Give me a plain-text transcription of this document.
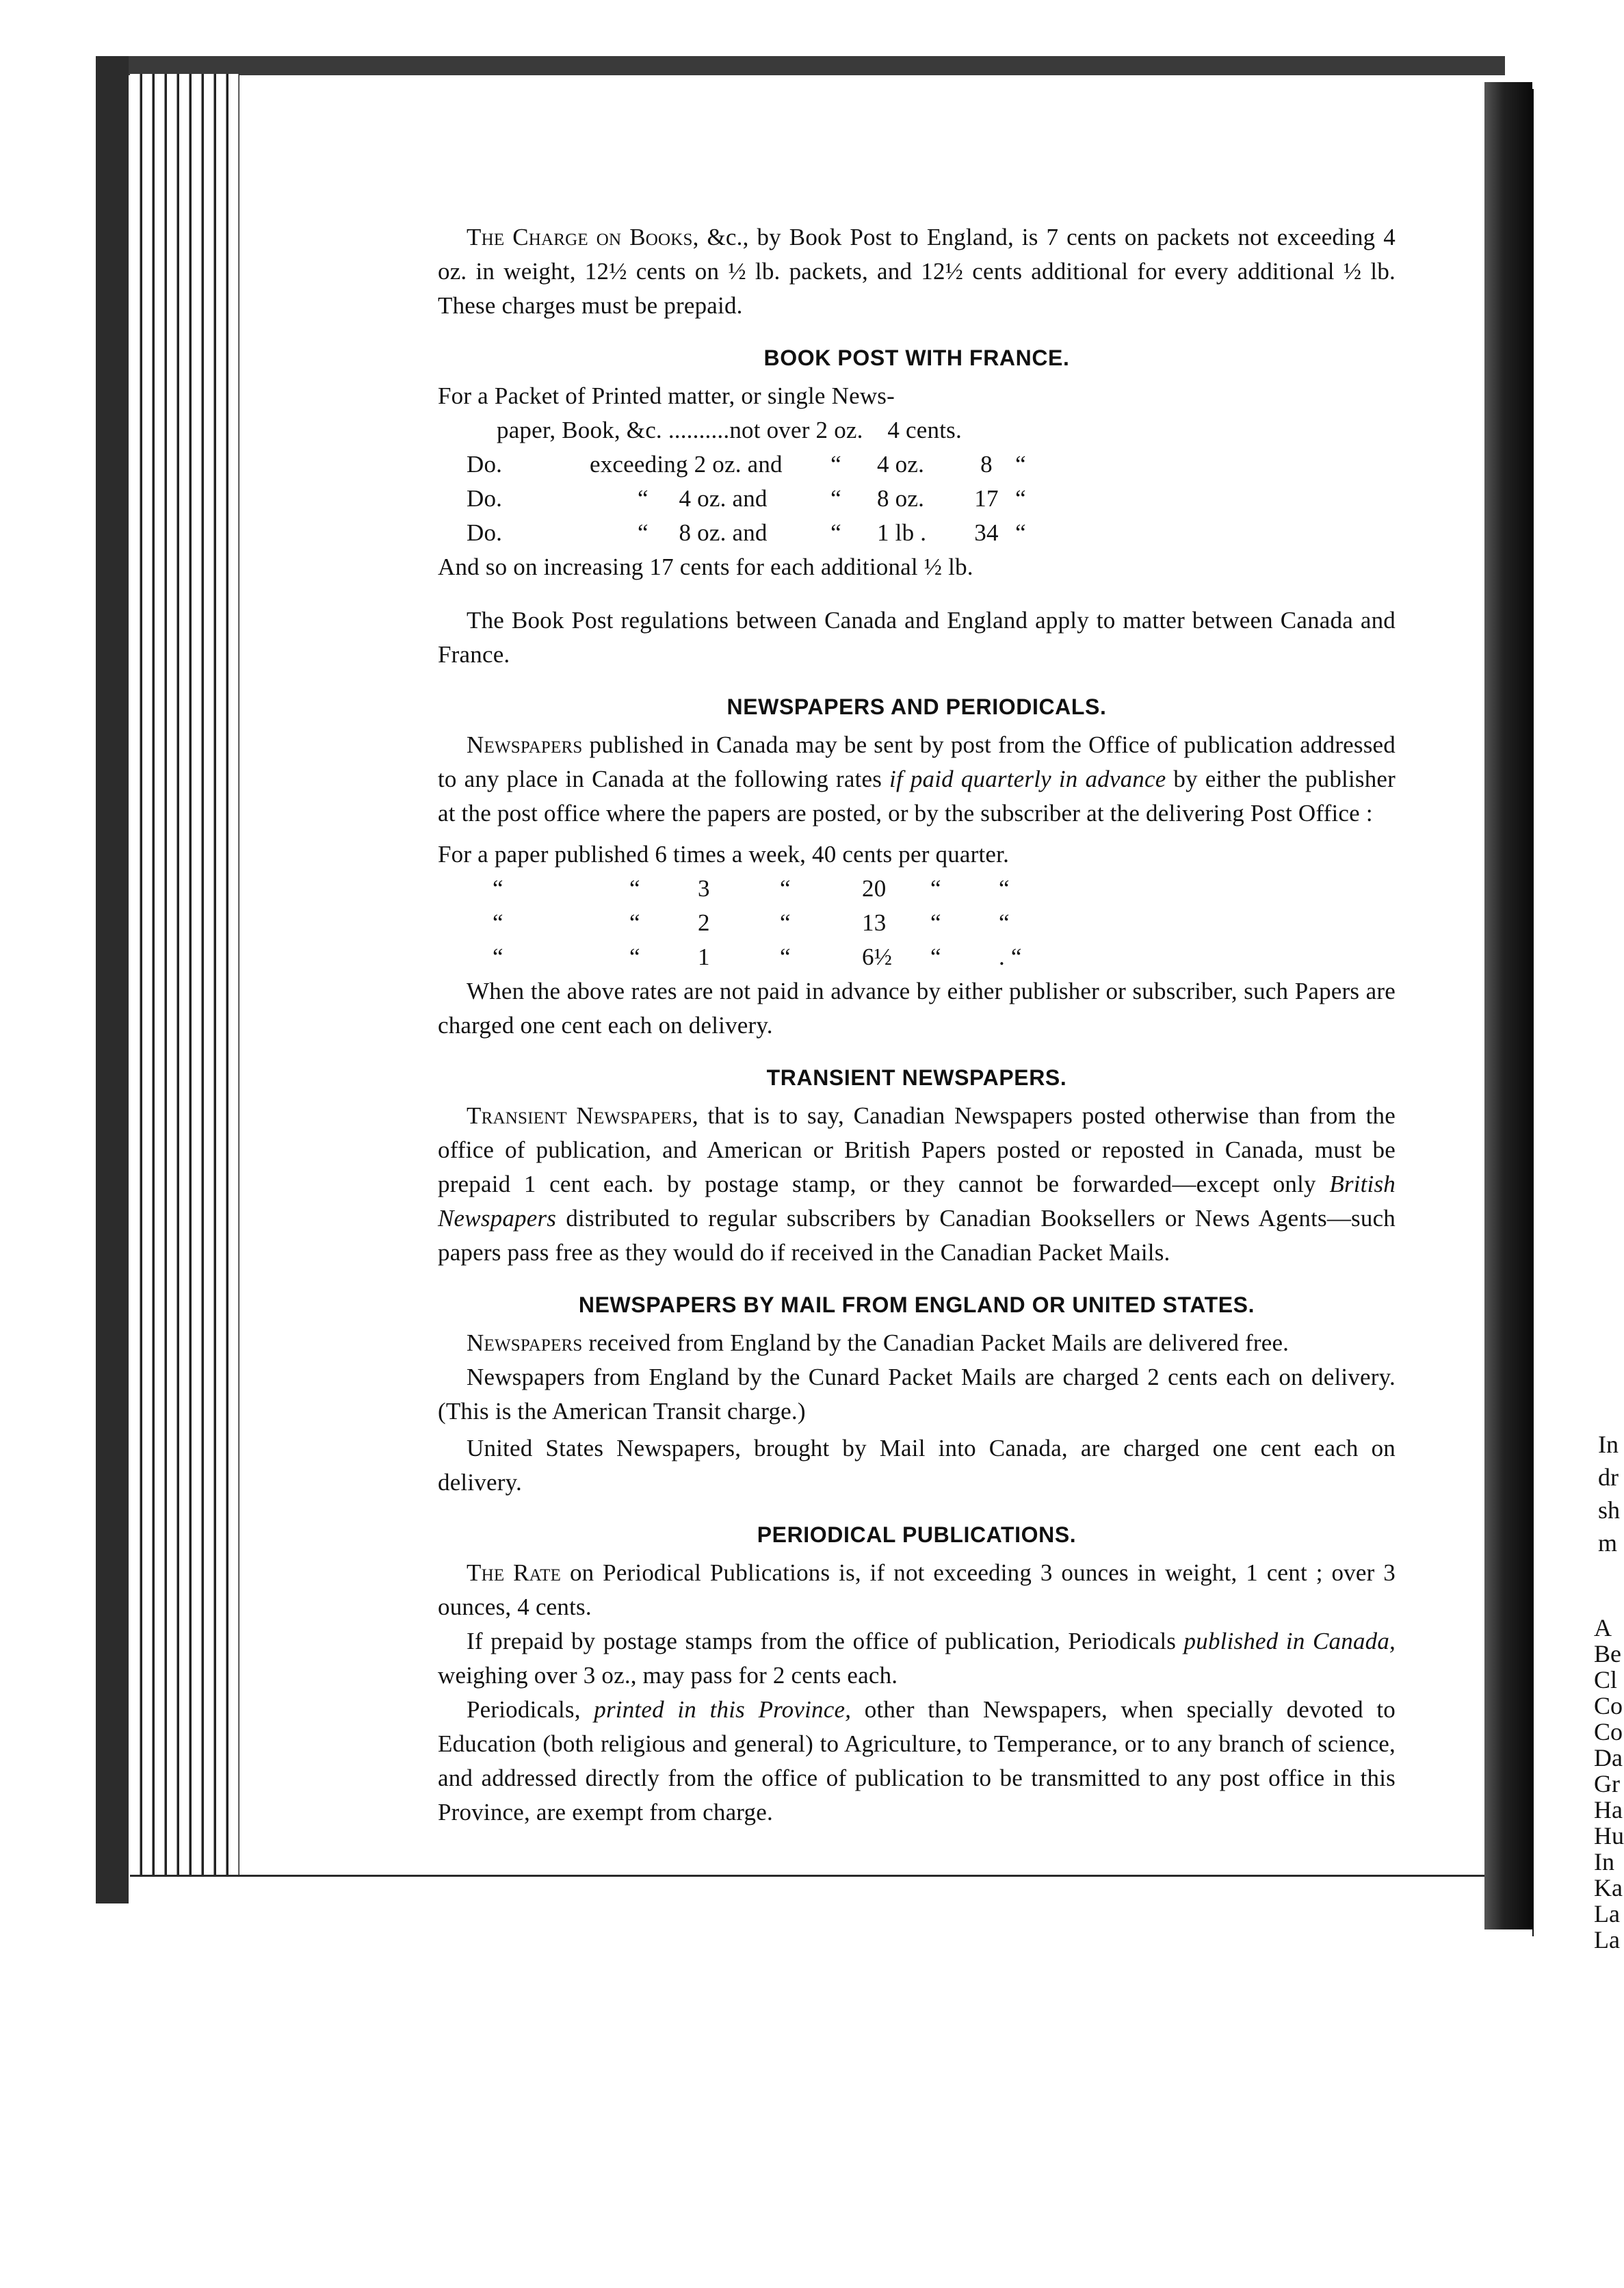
In
dr
sh
m
A
Be
Cl
Co
Co
Da
Gr
Ha
Hu
In
Ka
La
La

The Charge on Books, &c., by Book Post to England, is 7 cents on packets not exceeding 4 oz. in weight, 12½ cents on ½ lb. packets, and 12½ cents additional for every additional ½ lb. These charges must be prepaid.

BOOK POST WITH FRANCE.
For a Packet of Printed matter, or single News-
paper, Book, &c. ..........not over 2 oz.    4 cents.
Do.	exceeding 2 oz. and	“	4 oz.	8 “
Do.	“     4 oz. and	“	8 oz.	17 “
Do.	“     8 oz. and	“	1 lb .	34 “
And so on increasing 17 cents for each additional ½ lb.

The Book Post regulations between Canada and England apply to matter between Canada and France.

NEWSPAPERS AND PERIODICALS.

Newspapers published in Canada may be sent by post from the Office of publication addressed to any place in Canada at the following rates if paid quarterly in advance by either the publisher at the post office where the papers are posted, or by the subscriber at the delivering Post Office :

For a paper published 6 times a week, 40 cents per quarter.
“	“	3	“	20	“	“
“	“	2	“	13	“	“
“	“	1	“	6½	“	. “

When the above rates are not paid in advance by either publisher or subscriber, such Papers are charged one cent each on delivery.

TRANSIENT NEWSPAPERS.

Transient Newspapers, that is to say, Canadian Newspapers posted otherwise than from the office of publication, and American or British Papers posted or reposted in Canada, must be prepaid 1 cent each. by postage stamp, or they cannot be forwarded—except only British Newspapers distributed to regular subscribers by Canadian Booksellers or News Agents—such papers pass free as they would do if received in the Canadian Packet Mails.

NEWSPAPERS BY MAIL FROM ENGLAND OR UNITED STATES.

Newspapers received from England by the Canadian Packet Mails are delivered free.

Newspapers from England by the Cunard Packet Mails are charged 2 cents each on delivery. (This is the American Transit charge.)

United States Newspapers, brought by Mail into Canada, are charged one cent each on delivery.

PERIODICAL PUBLICATIONS.

The Rate on Periodical Publications is, if not exceeding 3 ounces in weight, 1 cent ; over 3 ounces, 4 cents.

If prepaid by postage stamps from the office of publication, Periodicals published in Canada, weighing over 3 oz., may pass for 2 cents each.

Periodicals, printed in this Province, other than Newspapers, when specially devoted to Education (both religious and general) to Agriculture, to Temperance, or to any branch of science, and addressed directly from the office of publication to be transmitted to any post office in this Province, are exempt from charge.
